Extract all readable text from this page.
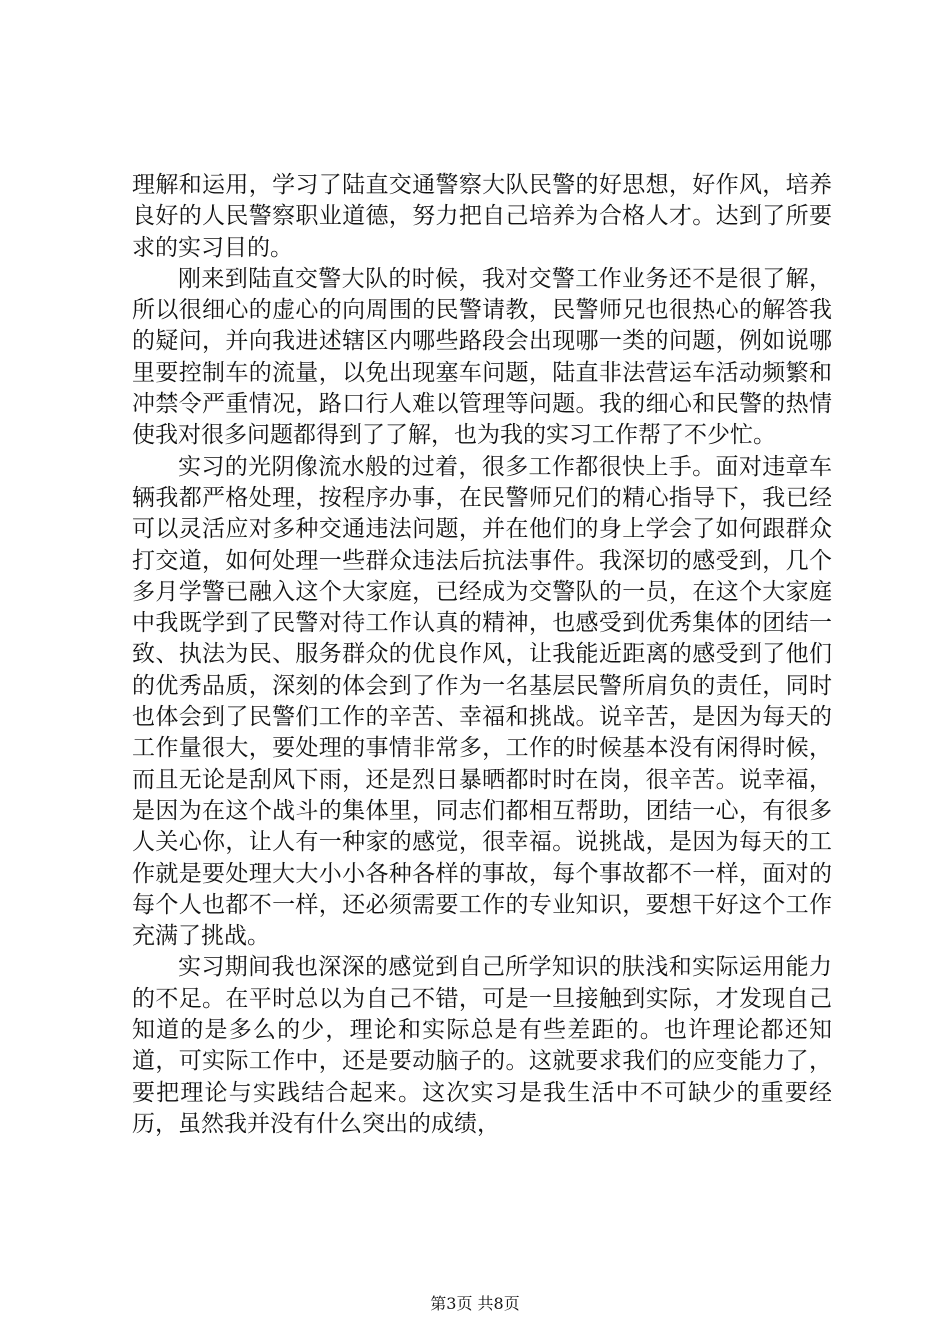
理解和运用，学习了陆直交通警察大队民警的好思想，好作风，培养良好的人民警察职业道德，努力把自己培养为合格人才。达到了所要求的实习目的。

刚来到陆直交警大队的时候，我对交警工作业务还不是很了解，所以很细心的虚心的向周围的民警请教，民警师兄也很热心的解答我的疑问，并向我进述辖区内哪些路段会出现哪一类的问题，例如说哪里要控制车的流量，以免出现塞车问题，陆直非法营运车活动频繁和冲禁令严重情况，路口行人难以管理等问题。我的细心和民警的热情使我对很多问题都得到了了解，也为我的实习工作帮了不少忙。

实习的光阴像流水般的过着，很多工作都很快上手。面对违章车辆我都严格处理，按程序办事，在民警师兄们的精心指导下，我已经可以灵活应对多种交通违法问题，并在他们的身上学会了如何跟群众打交道，如何处理一些群众违法后抗法事件。我深切的感受到，几个多月学警已融入这个大家庭，已经成为交警队的一员，在这个大家庭中我既学到了民警对待工作认真的精神，也感受到优秀集体的团结一致、执法为民、服务群众的优良作风，让我能近距离的感受到了他们的优秀品质，深刻的体会到了作为一名基层民警所肩负的责任，同时也体会到了民警们工作的辛苦、幸福和挑战。说辛苦，是因为每天的工作量很大，要处理的事情非常多，工作的时候基本没有闲得时候，而且无论是刮风下雨，还是烈日暴晒都时时在岗，很辛苦。说幸福，是因为在这个战斗的集体里，同志们都相互帮助，团结一心，有很多人关心你，让人有一种家的感觉，很幸福。说挑战，是因为每天的工作就是要处理大大小小各种各样的事故，每个事故都不一样，面对的每个人也都不一样，还必须需要工作的专业知识，要想干好这个工作充满了挑战。

实习期间我也深深的感觉到自己所学知识的肤浅和实际运用能力的不足。在平时总以为自己不错，可是一旦接触到实际，才发现自己知道的是多么的少，理论和实际总是有些差距的。也许理论都还知道，可实际工作中，还是要动脑子的。这就要求我们的应变能力了，要把理论与实践结合起来。这次实习是我生活中不可缺少的重要经历，虽然我并没有什么突出的成绩，

第3页 共8页
